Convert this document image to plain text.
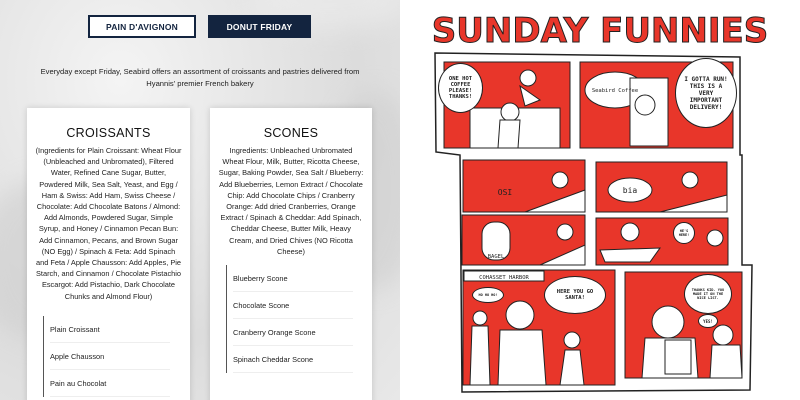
PAIN D'AVIGNON	DONUT FRIDAY
Everyday except Friday, Seabird offers an assortment of croissants and pastries delivered from Hyannis' premier French bakery
CROISSANTS
(Ingredients for Plain Croissant: Wheat Flour (Unbleached and Unbromated), Filtered Water, Refined Cane Sugar, Butter, Powdered Milk, Sea Salt, Yeast, and Egg / Ham & Swiss: Add Ham, Swiss Cheese / Chocolate: Add Chocolate Batons / Almond: Add Almonds, Powdered Sugar, Simple Syrup, and Honey / Cinnamon Pecan Bun: Add Cinnamon, Pecans, and Brown Sugar (NO Egg) / Spinach & Feta: Add Spinach and Feta / Apple Chausson: Add Apples, Pie Starch, and Cinnamon / Chocolate Pistachio Escargot: Add Pistachio, Dark Chocolate Chunks and Almond Flour)
Plain Croissant
Apple Chausson
Pain au Chocolat
SCONES
Ingredients: Unbleached Unbromated Wheat Flour, Milk, Butter, Ricotta Cheese, Sugar, Baking Powder, Sea Salt / Blueberry: Add Blueberries, Lemon Extract / Chocolate Chip: Add Chocolate Chips / Cranberry Orange: Add dried Cranberries, Orange Extract / Spinach & Cheddar: Add Spinach, Cheddar Cheese, Butter Milk, Heavy Cream, and Dried Chives (NO Ricotta Cheese)
Blueberry Scone
Chocolate Scone
Cranberry Orange Scone
Spinach Cheddar Scone
SUNDAY FUNNIES
Seabird Coffee
OSI	bia
BAGEL
COHASSET HARBOR
ONE HOT COFFEE PLEASE! THANKS!
I GOTTA RUN! THIS IS A VERY IMPORTANT DELIVERY!
HE'S HERE!
HO HO HO!	HERE YOU GO SANTA!
THANKS KID. YOU MADE IT ON THE NICE LIST.
YES!
